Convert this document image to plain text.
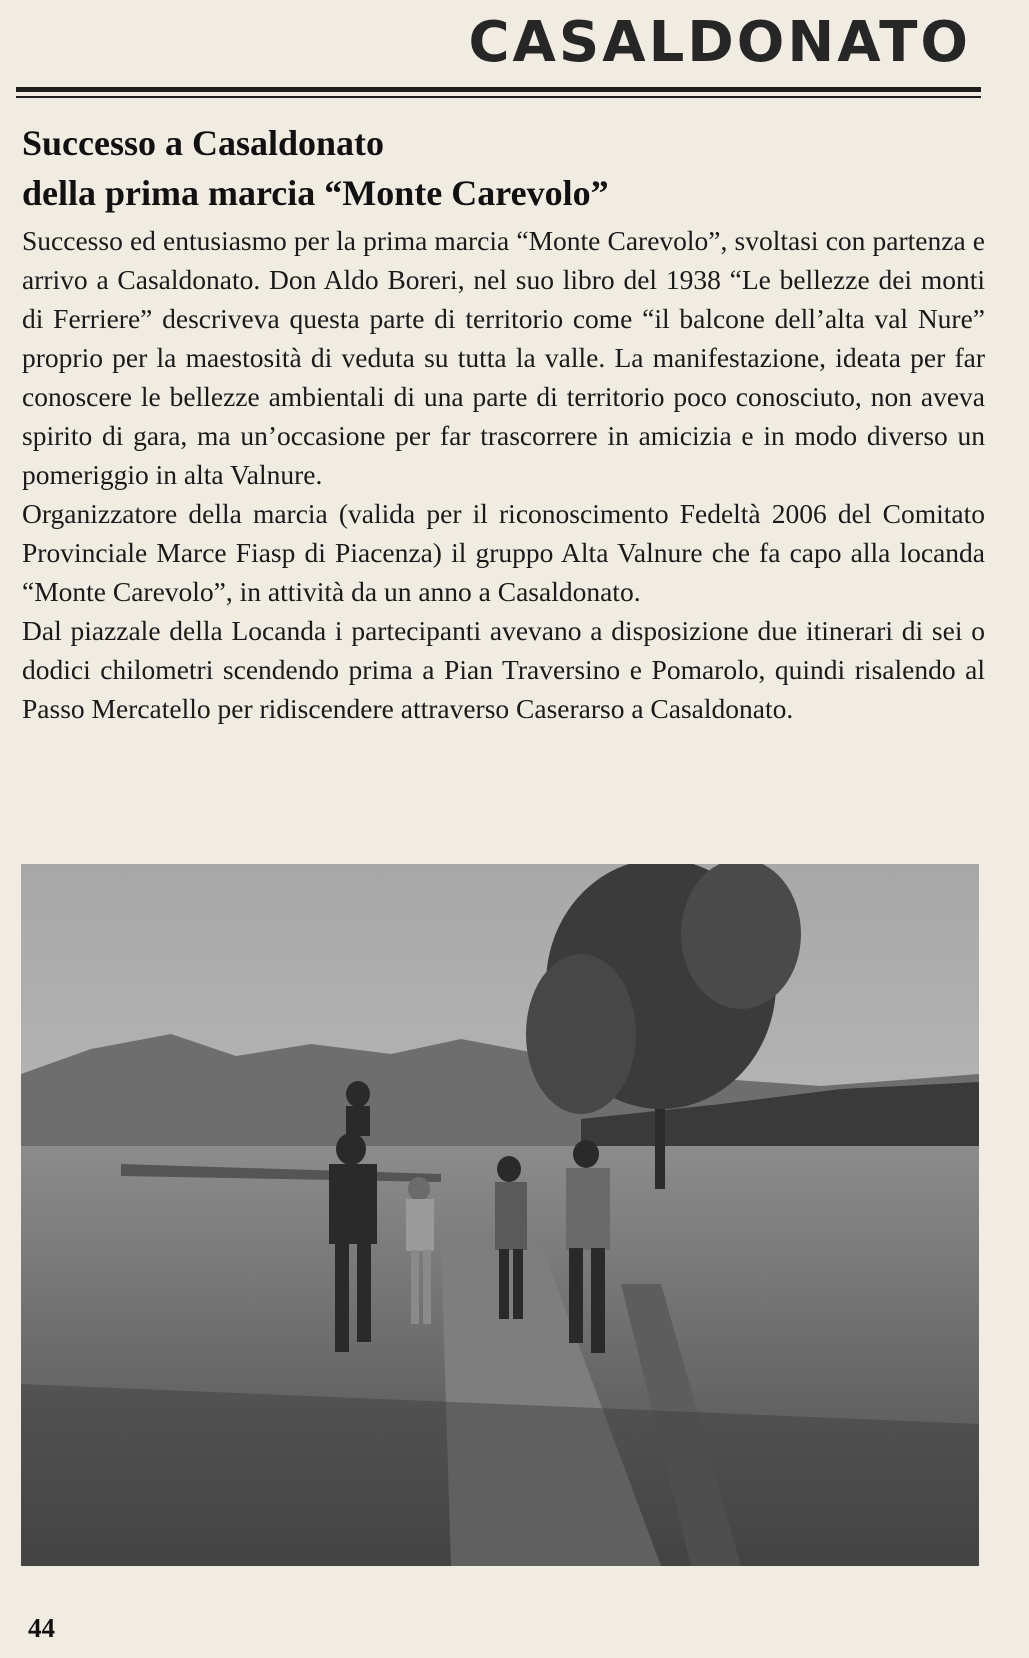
CASALDONATO
Successo a Casaldonato
della prima marcia “Monte Carevolo”

Successo ed entusiasmo per la prima marcia “Monte Carevolo”, svoltasi con partenza e arrivo a Casaldonato. Don Aldo Boreri, nel suo libro del 1938 “Le bellezze dei monti di Ferriere” descriveva questa parte di territorio come “il balcone dell’alta val Nure” proprio per la maestosità di veduta su tutta la valle. La manifestazione, ideata per far conoscere le bellezze ambientali di una parte di territorio poco conosciuto, non aveva spirito di gara, ma un’occasione per far trascorrere in amicizia e in modo diverso un pomeriggio in alta Valnure.

Organizzatore della marcia (valida per il riconoscimento Fedeltà 2006 del Comitato Provinciale Marce Fiasp di Piacenza) il gruppo Alta Valnure che fa capo alla locanda “Monte Carevolo”, in attività da un anno a Casaldonato.

Dal piazzale della Locanda i partecipanti avevano a disposizione due itinerari di sei o dodici chilometri scendendo prima a Pian Traversino e Pomarolo, quindi risalendo al Passo Mercatello per ridiscendere attraverso Caserarso a Casaldonato.

44
